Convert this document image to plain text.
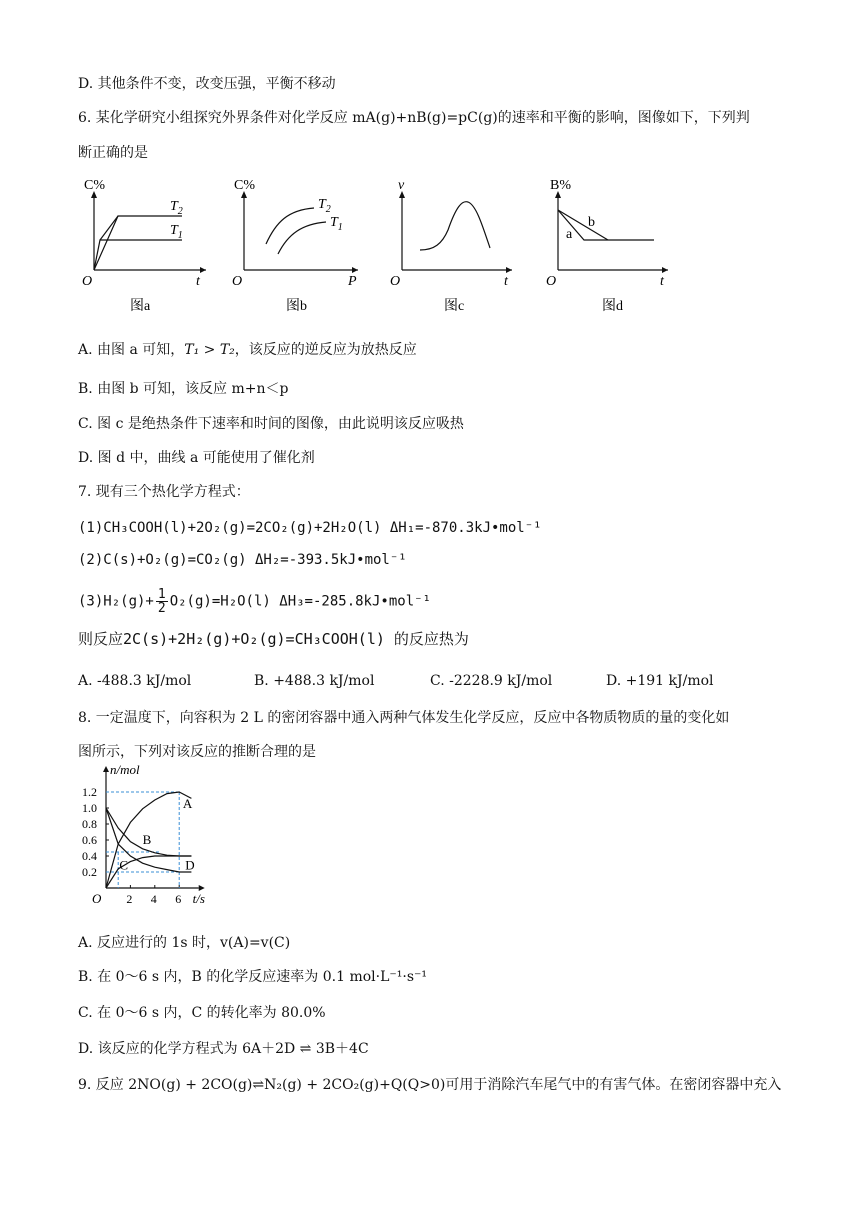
D. 其他条件不变，改变压强，平衡不移动
6. 某化学研究小组探究外界条件对化学反应 mA(g)+nB(g)=pC(g)的速率和平衡的影响，图像如下，下列判
断正确的是
C%
t
O
$T_2$
$T_1$
图a
C%
P
O
$T_2$
$T_1$
图b
v
t
O
图c
B%
t
O
a
b
图d
A. 由图 a 可知，T₁ > T₂，该反应的逆反应为放热反应
B. 由图 b 可知，该反应 m+n＜p
C. 图 c 是绝热条件下速率和时间的图像，由此说明该反应吸热
D. 图 d 中，曲线 a 可能使用了催化剂
7. 现有三个热化学方程式：
(1)CH₃COOH(l)+2O₂(g)=2CO₂(g)+2H₂O(l) ΔH₁=-870.3kJ•mol⁻¹
(2)C(s)+O₂(g)=CO₂(g) ΔH₂=-393.5kJ•mol⁻¹
$(3)H_2(g)+ \frac{1}{2} O_2(g)=H_2O(l)$ ΔH₃=-285.8kJ•mol⁻¹
则反应2C(s)+2H₂(g)+O₂(g)=CH₃COOH(l) 的反应热为
A. -488.3 kJ/mol	B. +488.3 kJ/mol	C. -2228.9 kJ/mol	D. +191 kJ/mol
8. 一定温度下，向容积为 2 L 的密闭容器中通入两种气体发生化学反应，反应中各物质物质的量的变化如
图所示，下列对该反应的推断合理的是
n/mol
t/s
O
1.2
1.0
0.8
0.6
0.4
0.2
2 4 6
A
B
C	D
A. 反应进行的 1s 时，v(A)=v(C)
B. 在 0～6 s 内，B 的化学反应速率为 0.1 mol·L⁻¹·s⁻¹
C. 在 0～6 s 内，C 的转化率为 80.0%
D. 该反应的化学方程式为 6A＋2D ⇌ 3B＋4C
9. 反应 2NO(g) + 2CO(g)⇌N₂(g) + 2CO₂(g)+Q(Q>0)可用于消除汽车尾气中的有害气体。在密闭容器中充入
